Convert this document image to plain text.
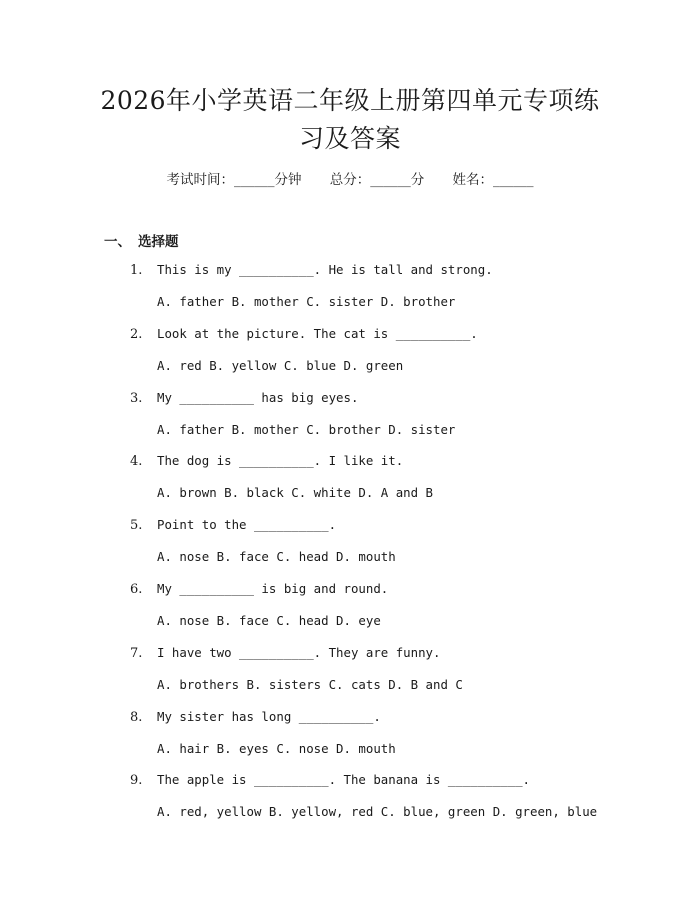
2026年小学英语二年级上册第四单元专项练习及答案
考试时间：______分钟 总分：______分 姓名：______
一、 选择题
1. This is my __________. He is tall and strong.
A. father B. mother C. sister D. brother
2. Look at the picture. The cat is __________.
A. red B. yellow C. blue D. green
3. My __________ has big eyes.
A. father B. mother C. brother D. sister
4. The dog is __________. I like it.
A. brown B. black C. white D. A and B
5. Point to the __________.
A. nose B. face C. head D. mouth
6. My __________ is big and round.
A. nose B. face C. head D. eye
7. I have two __________. They are funny.
A. brothers B. sisters C. cats D. B and C
8. My sister has long __________.
A. hair B. eyes C. nose D. mouth
9. The apple is __________. The banana is __________.
A. red, yellow B. yellow, red C. blue, green D. green, blue
